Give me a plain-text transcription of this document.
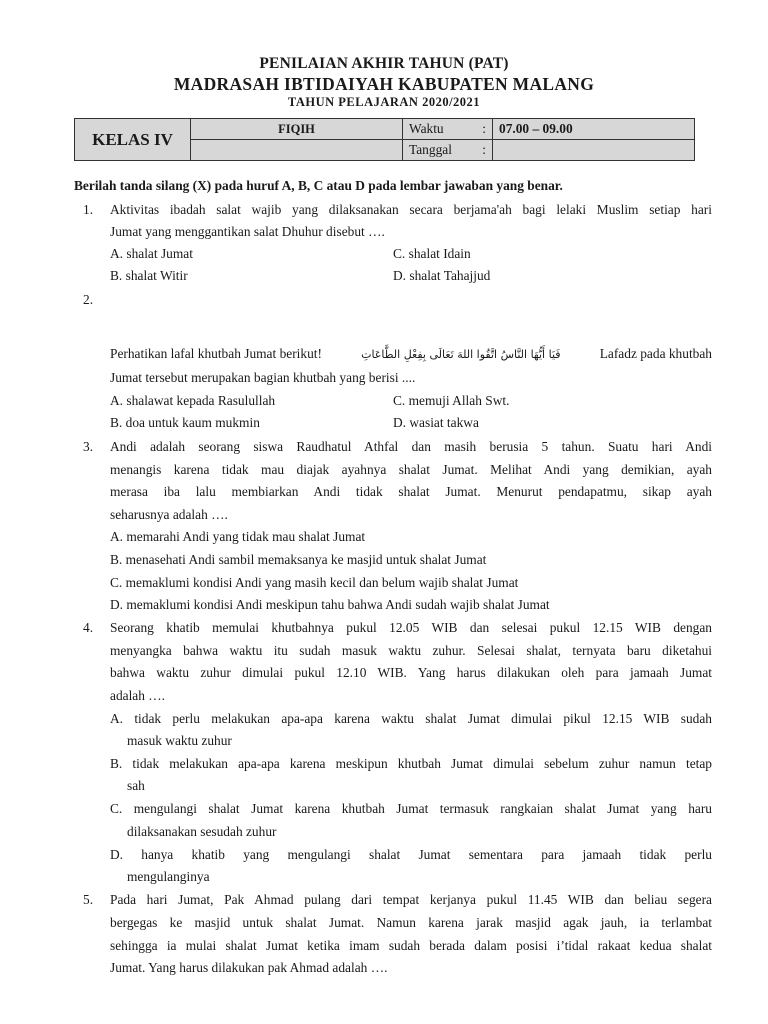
PENILAIAN AKHIR TAHUN (PAT)
MADRASAH IBTIDAIYAH KABUPATEN MALANG
TAHUN PELAJARAN 2020/2021
KELAS IV	FIQIH	Waktu :	07.00 – 09.00

		Tanggal :	

Berilah tanda silang (X) pada huruf A, B, C atau D pada lembar jawaban yang benar.
1. Aktivitas ibadah salat wajib yang dilaksanakan secara berjama'ah bagi lelaki Muslim setiap hari
Jumat yang menggantikan salat Dhuhur disebut ….
A. shalat Jumat	C. shalat Idain
B. shalat Witir	D. shalat Tahajjud
2.
Perhatikan lafal khutbah Jumat berikut!	فَيَا أَيُّهَا النَّاسُ اتَّقُوا اللهَ تَعَالَى بِفِعْلِ الطَّاعَاتِ	Lafadz pada khutbah
Jumat tersebut merupakan bagian khutbah yang berisi ....
A. shalawat kepada Rasulullah	C. memuji Allah Swt.
B. doa untuk kaum mukmin	D. wasiat takwa
3. Andi adalah seorang siswa Raudhatul Athfal dan masih berusia 5 tahun. Suatu hari Andi
menangis karena tidak mau diajak ayahnya shalat Jumat. Melihat Andi yang demikian, ayah
merasa iba lalu membiarkan Andi tidak shalat Jumat. Menurut pendapatmu, sikap ayah
seharusnya adalah ….
A. memarahi Andi yang tidak mau shalat Jumat
B. menasehati Andi sambil memaksanya ke masjid untuk shalat Jumat
C. memaklumi kondisi Andi yang masih kecil dan belum wajib shalat Jumat
D. memaklumi kondisi Andi meskipun tahu bahwa Andi sudah wajib shalat Jumat
4. Seorang khatib memulai khutbahnya pukul 12.05 WIB dan selesai pukul 12.15 WIB dengan
menyangka bahwa waktu itu sudah masuk waktu zuhur. Selesai shalat, ternyata baru diketahui
bahwa waktu zuhur dimulai pukul 12.10 WIB. Yang harus dilakukan oleh para jamaah Jumat
adalah ….
A. tidak perlu melakukan apa-apa karena waktu shalat Jumat dimulai pikul 12.15 WIB sudah
masuk waktu zuhur
B. tidak melakukan apa-apa karena meskipun khutbah Jumat dimulai sebelum zuhur namun tetap
sah
C. mengulangi shalat Jumat karena khutbah Jumat termasuk rangkaian shalat Jumat yang haru
dilaksanakan sesudah zuhur
D. hanya khatib yang mengulangi shalat Jumat sementara para jamaah tidak perlu
mengulanginya
5. Pada hari Jumat, Pak Ahmad pulang dari tempat kerjanya pukul 11.45 WIB dan beliau segera
bergegas ke masjid untuk shalat Jumat. Namun karena jarak masjid agak jauh, ia terlambat
sehingga ia mulai shalat Jumat ketika imam sudah berada dalam posisi i’tidal rakaat kedua shalat
Jumat. Yang harus dilakukan pak Ahmad adalah ….
